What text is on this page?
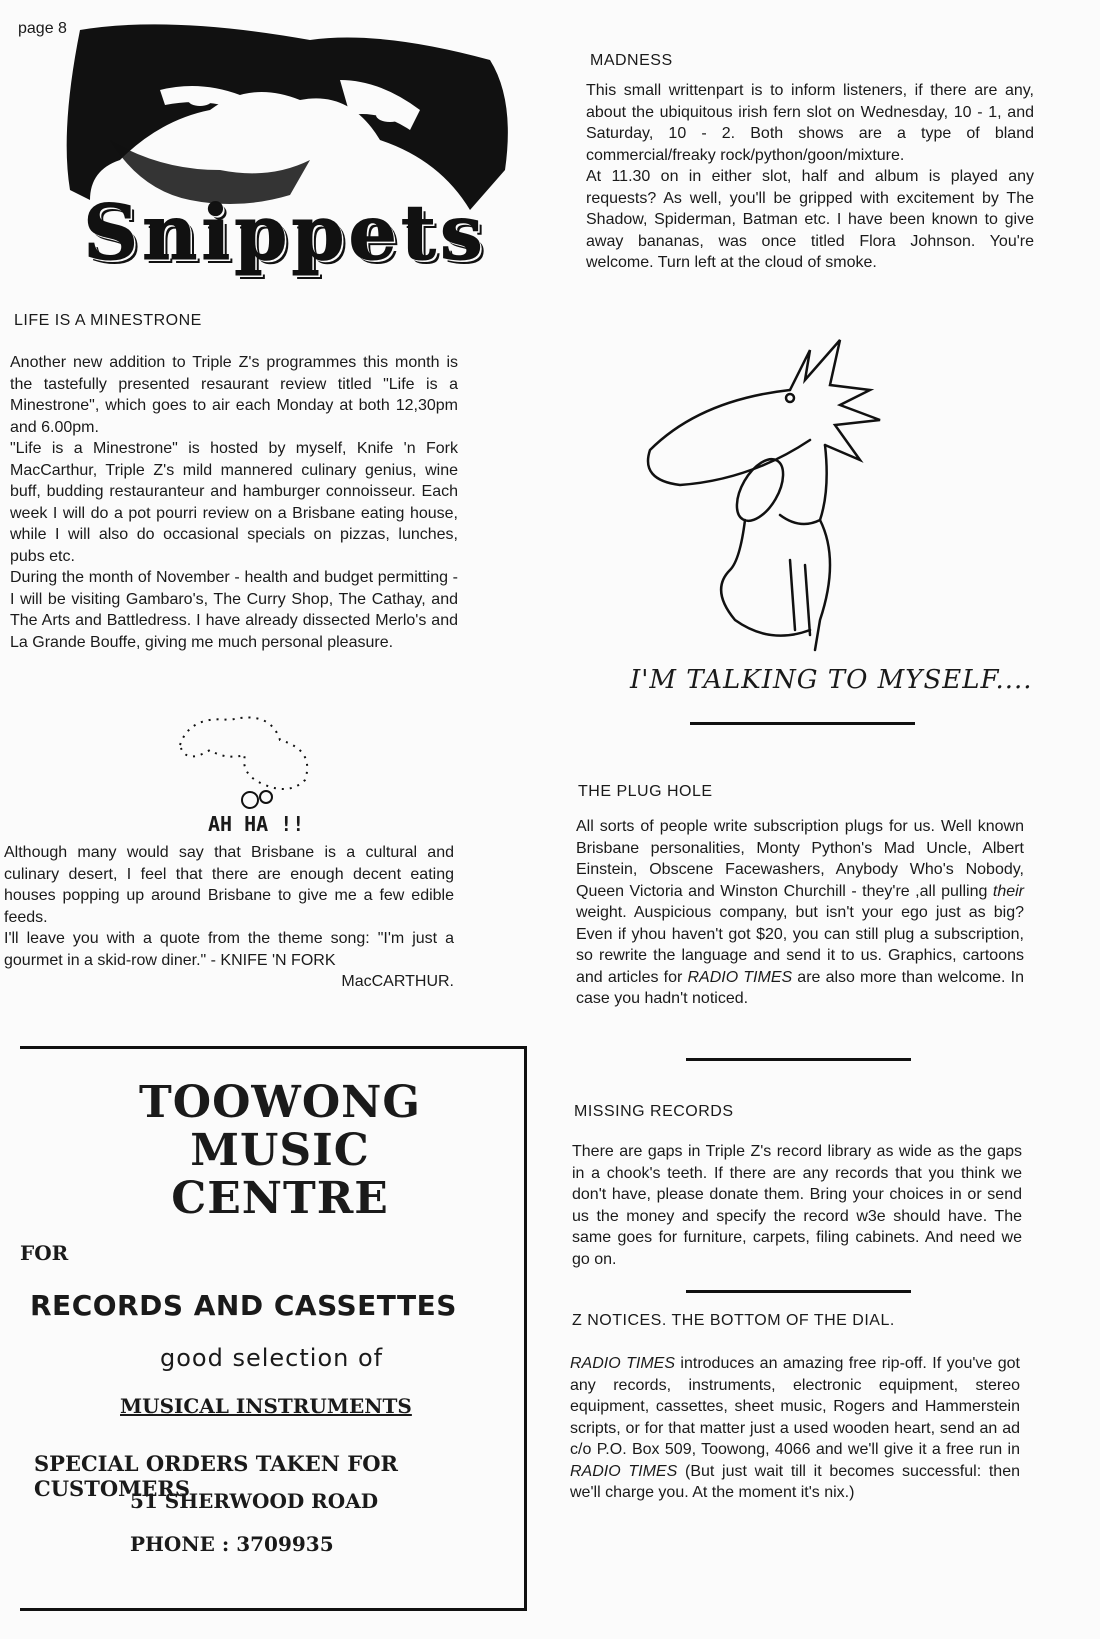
page 8
Snippets
LIFE IS A MINESTRONE

Another new addition to Triple Z's programmes this month is the tastefully presented resaurant review titled "Life is a Minestrone", which goes to air each Monday at both 12,30pm and 6.00pm.

"Life is a Minestrone" is hosted by myself, Knife 'n Fork MacCarthur, Triple Z's mild mannered culinary genius, wine buff, budding restauranteur and hamburger connoisseur. Each week I will do a pot pourri review on a Brisbane eating house, while I will also do occasional specials on pizzas, lunches, pubs etc.

During the month of November - health and budget permitting - I will be visiting Gambaro's, The Curry Shop, The Cathay, and The Arts and Battledress. I have already dissected Merlo's and La Grande Bouffe, giving me much personal pleasure.

AH HA !!

Although many would say that Brisbane is a cultural and culinary desert, I feel that there are enough decent eating houses popping up around Brisbane to give me a few edible feeds.

I'll leave you with a quote from the theme song: "I'm just a gourmet in a skid-row diner." - KNIFE 'N FORK

MacCARTHUR.

TOOWONG
MUSIC
CENTRE
FOR
RECORDS AND CASSETTES
good selection of
MUSICAL INSTRUMENTS
SPECIAL ORDERS TAKEN FOR CUSTOMERS
51 SHERWOOD ROAD
PHONE : 3709935
MADNESS

This small writtenpart is to inform listeners, if there are any, about the ubiquitous irish fern slot on Wednesday, 10 - 1, and Saturday, 10 - 2. Both shows are a type of bland commercial/freaky rock/python/goon/mixture.

At 11.30 on in either slot, half and album is played any requests? As well, you'll be gripped with excitement by The Shadow, Spiderman, Batman etc. I have been known to give away bananas, was once titled Flora Johnson. You're welcome. Turn left at the cloud of smoke.

I'M TALKING TO MYSELF....
THE PLUG HOLE

All sorts of people write subscription plugs for us. Well known Brisbane personalities, Monty Python's Mad Uncle, Albert Einstein, Obscene Facewashers, Anybody Who's Nobody, Queen Victoria and Winston Churchill - they're ,all pulling their weight. Auspicious company, but isn't your ego just as big? Even if yhou haven't got $20, you can still plug a subscription, so rewrite the language and send it to us. Graphics, cartoons and articles for RADIO TIMES are also more than welcome. In case you hadn't noticed.

MISSING RECORDS

There are gaps in Triple Z's record library as wide as the gaps in a chook's teeth. If there are any records that you think we don't have, please donate them. Bring your choices in or send us the money and specify the record w3e should have. The same goes for furniture, carpets, filing cabinets. And need we go on.

Z NOTICES. THE BOTTOM OF THE DIAL.

RADIO TIMES introduces an amazing free rip-off. If you've got any records, instruments, electronic equipment, stereo equipment, cassettes, sheet music, Rogers and Hammerstein scripts, or for that matter just a used wooden heart, send an ad c/o P.O. Box 509, Toowong, 4066 and we'll give it a free run in RADIO TIMES (But just wait till it becomes successful: then we'll charge you. At the moment it's nix.)
